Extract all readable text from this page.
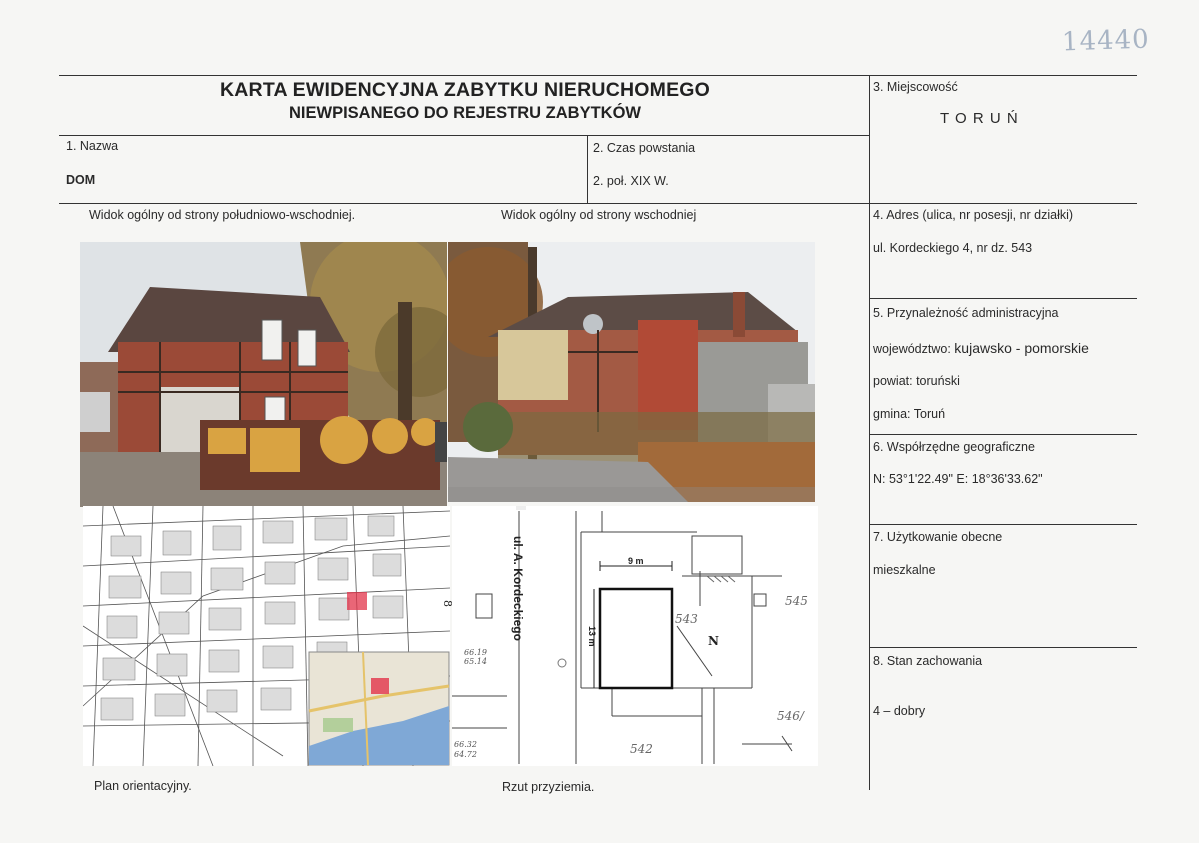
14440
KARTA EWIDENCYJNA ZABYTKU NIERUCHOMEGO
NIEWPISANEGO DO REJESTRU ZABYTKÓW
1. Nazwa
DOM
2. Czas powstania
2. poł. XIX W.
3. Miejscowość
T O R U Ń
4. Adres (ulica, nr posesji, nr działki)
ul. Kordeckiego 4, nr dz. 543
5. Przynależność administracyjna
województwo: kujawsko - pomorskie
powiat: toruński
gmina: Toruń
6. Współrzędne geograficzne
N: 53°1'22.49" E: 18°36'33.62"
7. Użytkowanie obecne
mieszkalne
8. Stan zachowania
4 – dobry
Widok ogólny od strony południowo-wschodniej.	Widok ogólny od strony wschodniej
ul. A. Kordeckiego	9 m
13 m	N
543
545
546/
542
8
66.19
65.14
66.32
64.72
Plan orientacyjny.	Rzut przyziemia.
